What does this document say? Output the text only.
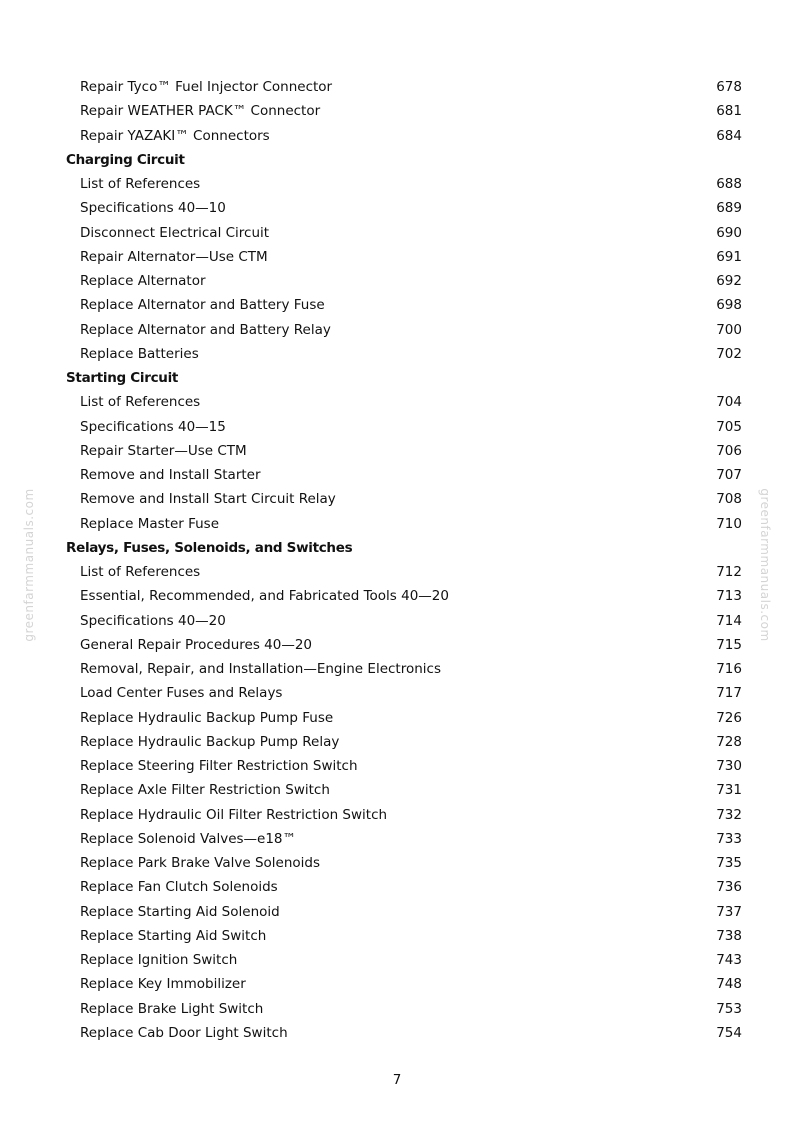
greenfarmmanuals.com	greenfarmmanuals.com
Repair Tyco™ Fuel Injector Connector	678
Repair WEATHER PACK™ Connector	681
Repair YAZAKI™ Connectors	684
Charging Circuit
List of References	688
Specifications 40—10	689
Disconnect Electrical Circuit	690
Repair Alternator—Use CTM	691
Replace Alternator	692
Replace Alternator and Battery Fuse	698
Replace Alternator and Battery Relay	700
Replace Batteries	702
Starting Circuit
List of References	704
Specifications 40—15	705
Repair Starter—Use CTM	706
Remove and Install Starter	707
Remove and Install Start Circuit Relay	708
Replace Master Fuse	710
Relays, Fuses, Solenoids, and Switches
List of References	712
Essential, Recommended, and Fabricated Tools 40—20	713
Specifications 40—20	714
General Repair Procedures 40—20	715
Removal, Repair, and Installation—Engine Electronics	716
Load Center Fuses and Relays	717
Replace Hydraulic Backup Pump Fuse	726
Replace Hydraulic Backup Pump Relay	728
Replace Steering Filter Restriction Switch	730
Replace Axle Filter Restriction Switch	731
Replace Hydraulic Oil Filter Restriction Switch	732
Replace Solenoid Valves—e18™	733
Replace Park Brake Valve Solenoids	735
Replace Fan Clutch Solenoids	736
Replace Starting Aid Solenoid	737
Replace Starting Aid Switch	738
Replace Ignition Switch	743
Replace Key Immobilizer	748
Replace Brake Light Switch	753
Replace Cab Door Light Switch	754
7
